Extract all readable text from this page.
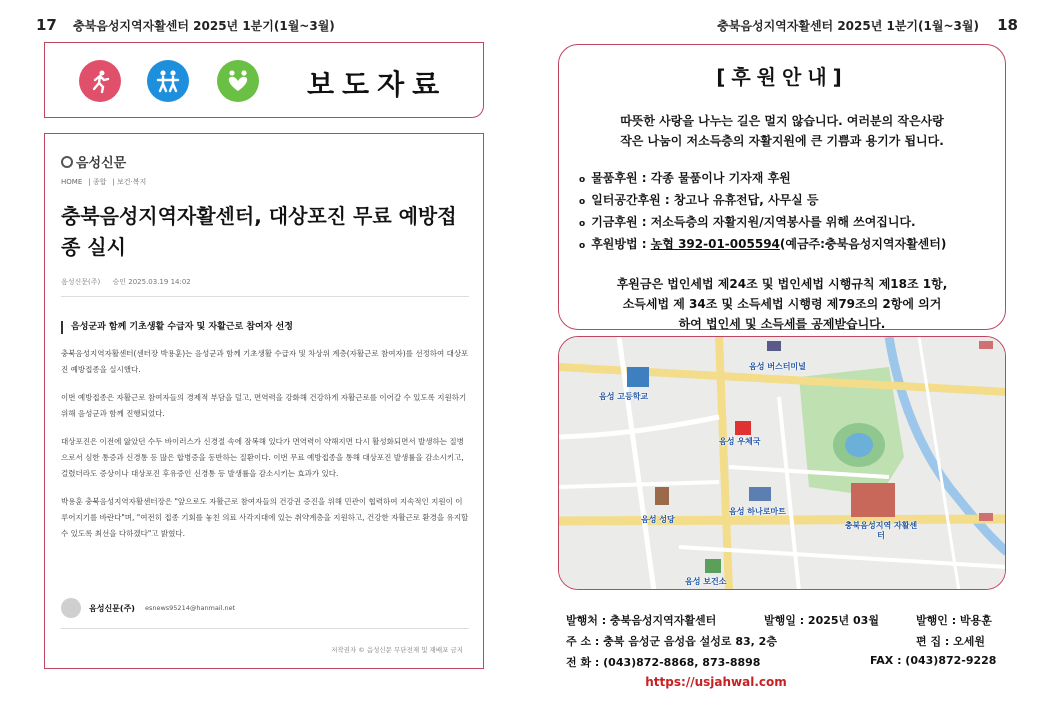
17 충북음성지역자활센터 2025년 1분기(1월~3월)	충북음성지역자활센터 2025년 1분기(1월~3월) 18
보도자료
음성신문
HOME | 종합 | 보건·복지
충북음성지역자활센터, 대상포진 무료 예방접종 실시
음성신문(주) 승인 2025.03.19 14:02
음성군과 함께 기초생활 수급자 및 자활근로 참여자 선정

충북음성지역자활센터(센터장 박용훈)는 음성군과 함께 기초생활 수급자 및 차상위 계층(자활근로 참여자)를 선정하여 대상포진 예방접종을 실시했다.

이번 예방접종은 자활근로 참여자들의 경제적 부담을 덜고, 면역력을 강화해 건강하게 자활근로를 이어갈 수 있도록 지원하기 위해 음성군과 함께 진행되었다.

대상포진은 이전에 앓았던 수두 바이러스가 신경절 속에 잠복해 있다가 면역력이 약해지면 다시 활성화되면서 발생하는 질병으로서 심한 통증과 신경통 등 많은 합병증을 동반하는 질환이다. 이번 무료 예방접종을 통해 대상포진 발생률을 감소시키고, 걸렸더라도 증상이나 대상포진 후유증인 신경통 등 발생률을 감소시키는 효과가 있다.

박용훈 충북음성지역자활센터장은 "앞으로도 자활근로 참여자들의 건강권 증진을 위해 민관이 협력하여 지속적인 지원이 이루어지기를 바란다"며, "여전히 접종 기회를 놓친 의료 사각지대에 있는 취약계층을 지원하고, 건강한 자활근로 환경을 유지할 수 있도록 최선을 다하겠다"고 밝혔다.

음성신문(주) esnews95214@hanmail.net
저작권자 © 음성신문 무단전재 및 재배포 금지
[후원안내]
따뜻한 사랑을 나누는 길은 멀지 않습니다. 여러분의 작은사랑
작은 나눔이 저소득층의 자활지원에 큰 기쁨과 용기가 됩니다.
o 물품후원 : 각종 물품이나 기자재 후원
o 일터공간후원 : 창고나 유휴전답, 사무실 등
o 기금후원 : 저소득층의 자활지원/지역봉사를 위해 쓰여집니다.
o 후원방법 : 농협 392-01-005594(예금주:충북음성지역자활센터)
후원금은 법인세법 제24조 및 법인세법 시행규칙 제18조 1항,
소득세법 제 34조 및 소득세법 시행령 제79조의 2항에 의거
하여 법인세 및 소득세를 공제받습니다.
음성 버스터미널
음성 고등학교
음성 우체국
음성 성당
음성 하나로마트
충북음성지역 자활센터
음성 보건소
발행처 : 충북음성지역자활센터	발행일 : 2025년 03월	발행인 : 박용훈
주 소 : 충북 음성군 음성읍 설성로 83, 2층	편 집 : 오세원
전 화 : (043)872-8868, 873-8898	FAX : (043)872-9228
https://usjahwal.com
